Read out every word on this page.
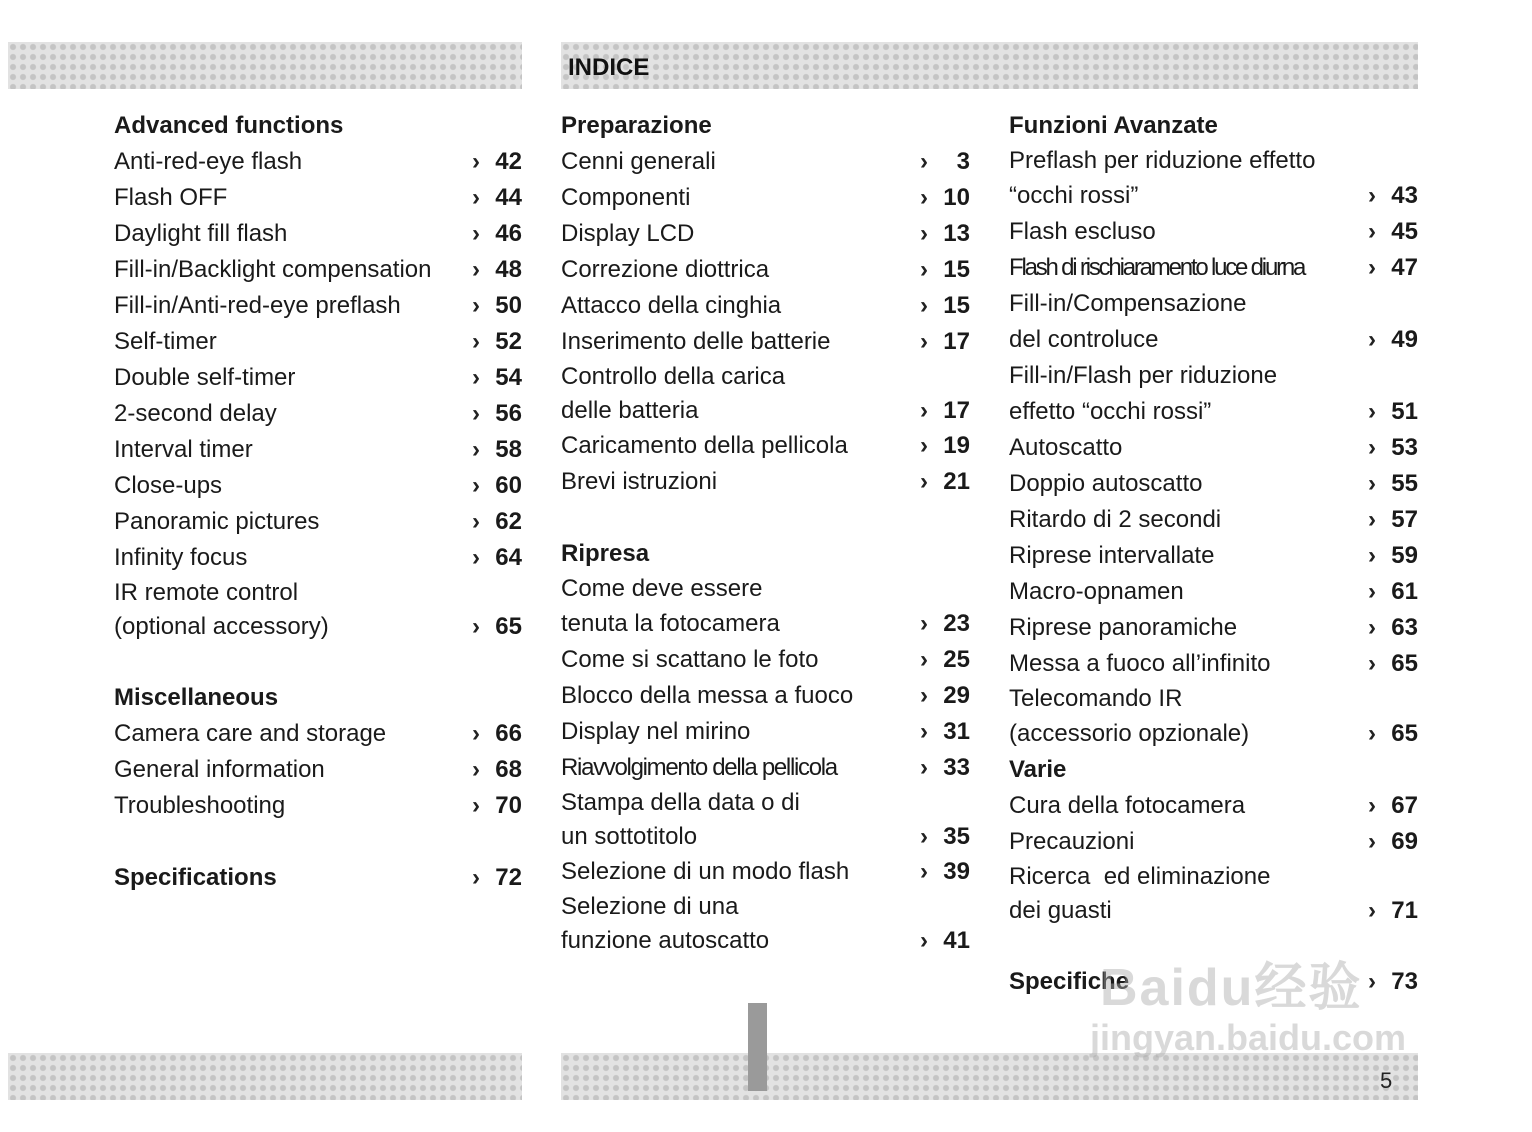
INDICE
Advanced functions
Anti-red-eye flash	› 42
Flash OFF	› 44
Daylight fill flash	› 46
Fill-in/Backlight compensation › 48
Fill-in/Anti-red-eye preflash	› 50
Self-timer	› 52
Double self-timer	› 54
2-second delay	› 56
Interval timer	› 58
Close-ups	› 60
Panoramic pictures	› 62
Infinity focus	› 64
IR remote control
(optional accessory)	› 65
Miscellaneous
Camera care and storage	› 66
General information	› 68
Troubleshooting	› 70
Specifications	› 72
Preparazione
Cenni generali	› 3
Componenti	› 10
Display LCD	› 13
Correzione diottrica	› 15
Attacco della cinghia	› 15
Inserimento delle batterie	› 17
Controllo della carica
delle batteria	› 17
Caricamento della pellicola	› 19
Brevi istruzioni	› 21
Ripresa
Come deve essere
tenuta la fotocamera	› 23
Come si scattano le foto	› 25
Blocco della messa a fuoco	› 29
Display nel mirino	› 31
Riavvolgimento della pellicola	› 33
Stampa della data o di
un sottotitolo	› 35
Selezione di un modo flash	› 39
Selezione di una
funzione autoscatto	› 41
Funzioni Avanzate
Preflash per riduzione effetto
“occhi rossi”	› 43
Flash escluso	› 45
Flash di rischiaramento luce diurna	› 47
Fill-in/Compensazione
del controluce	› 49
Fill-in/Flash per riduzione
effetto “occhi rossi”	› 51
Autoscatto	› 53
Doppio autoscatto	› 55
Ritardo di 2 secondi	› 57
Riprese intervallate	› 59
Macro-opnamen	› 61
Riprese panoramiche	› 63
Messa a fuoco all’infinito	› 65
Telecomando IR
(accessorio opzionale)	› 65
Varie
Cura della fotocamera	› 67
Precauzioni	› 69
Ricerca  ed eliminazione
dei guasti	› 71
Specifiche	› 73
5
Baidu经验
jingyan.baidu.com
